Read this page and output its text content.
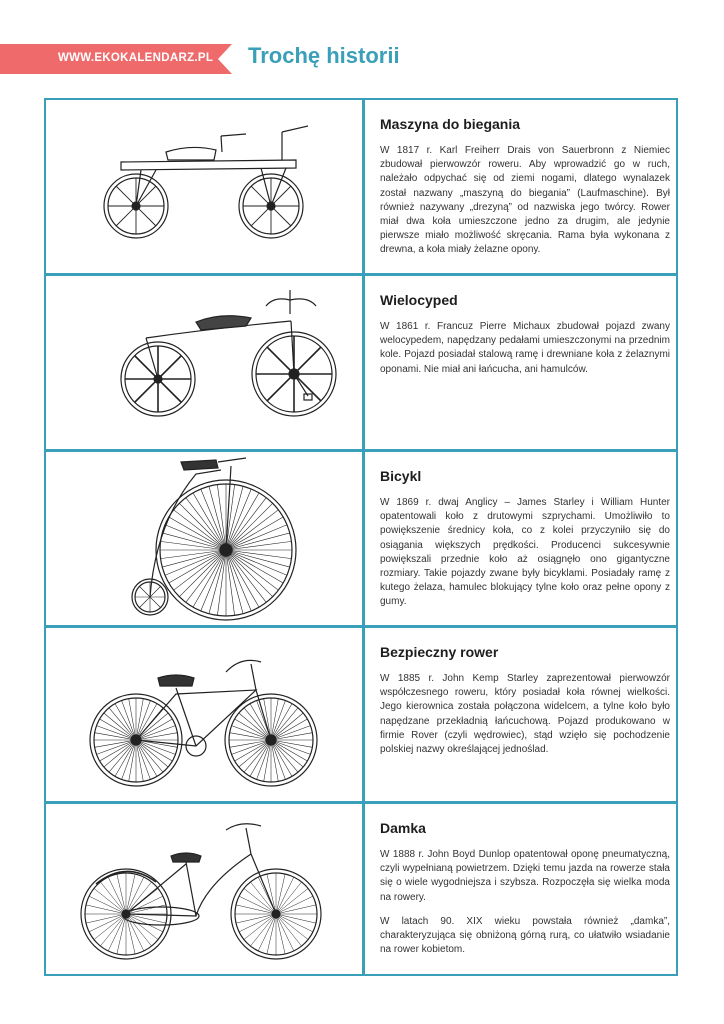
WWW.EKOKALENDARZ.PL Trochę historii
Maszyna do biegania

W 1817 r. Karl Freiherr Drais von Sauerbronn z Niemiec zbudował pierwowzór roweru. Aby wprowadzić go w ruch, należało odpychać się od ziemi nogami, dlatego wynalazek został nazwany „maszyną do biegania” (Laufmaschine). Był również nazywany „drezyną” od nazwiska jego twórcy. Rower miał dwa koła umieszczone jedno za drugim, ale jedynie pierwsze miało możliwość skręcania. Rama była wykonana z drewna, a koła miały żelazne opony.

Wielocyped

W 1861 r. Francuz Pierre Michaux zbudował pojazd zwany welocypedem, napędzany pedałami umieszczonymi na przednim kole. Pojazd posiadał stalową ramę i drewniane koła z żelaznymi oponami. Nie miał ani łańcucha, ani hamulców.

Bicykl

W 1869 r. dwaj Anglicy – James Starley i William Hunter opatentowali koło z drutowymi szprychami. Umożliwiło to powiększenie średnicy koła, co z kolei przyczyniło się do osiągania większych prędkości. Producenci sukcesywnie powiększali przednie koło aż osiągnęło ono gigantyczne rozmiary. Takie pojazdy zwane były bicyklami. Posiadały ramę z kutego żelaza, hamulec blokujący tylne koło oraz pełne opony z gumy.

Bezpieczny rower

W 1885 r. John Kemp Starley zaprezentował pierwowzór współczesnego roweru, który posiadał koła równej wielkości. Jego kierownica została połączona widelcem, a tylne koło było napędzane przekładnią łańcuchową. Pojazd produkowano w firmie Rover (czyli wędrowiec), stąd wzięło się pochodzenie polskiej nazwy określającej jednoślad.

Damka

W 1888 r. John Boyd Dunlop opatentował oponę pneumatyczną, czyli wypełnianą powietrzem. Dzięki temu jazda na rowerze stała się o wiele wygodniejsza i szybsza. Rozpoczęła się wielka moda na rowery.

W latach 90. XIX wieku powstała również „damka”, charakteryzująca się obniżoną górną rurą, co ułatwiło wsiadanie na rower kobietom.
